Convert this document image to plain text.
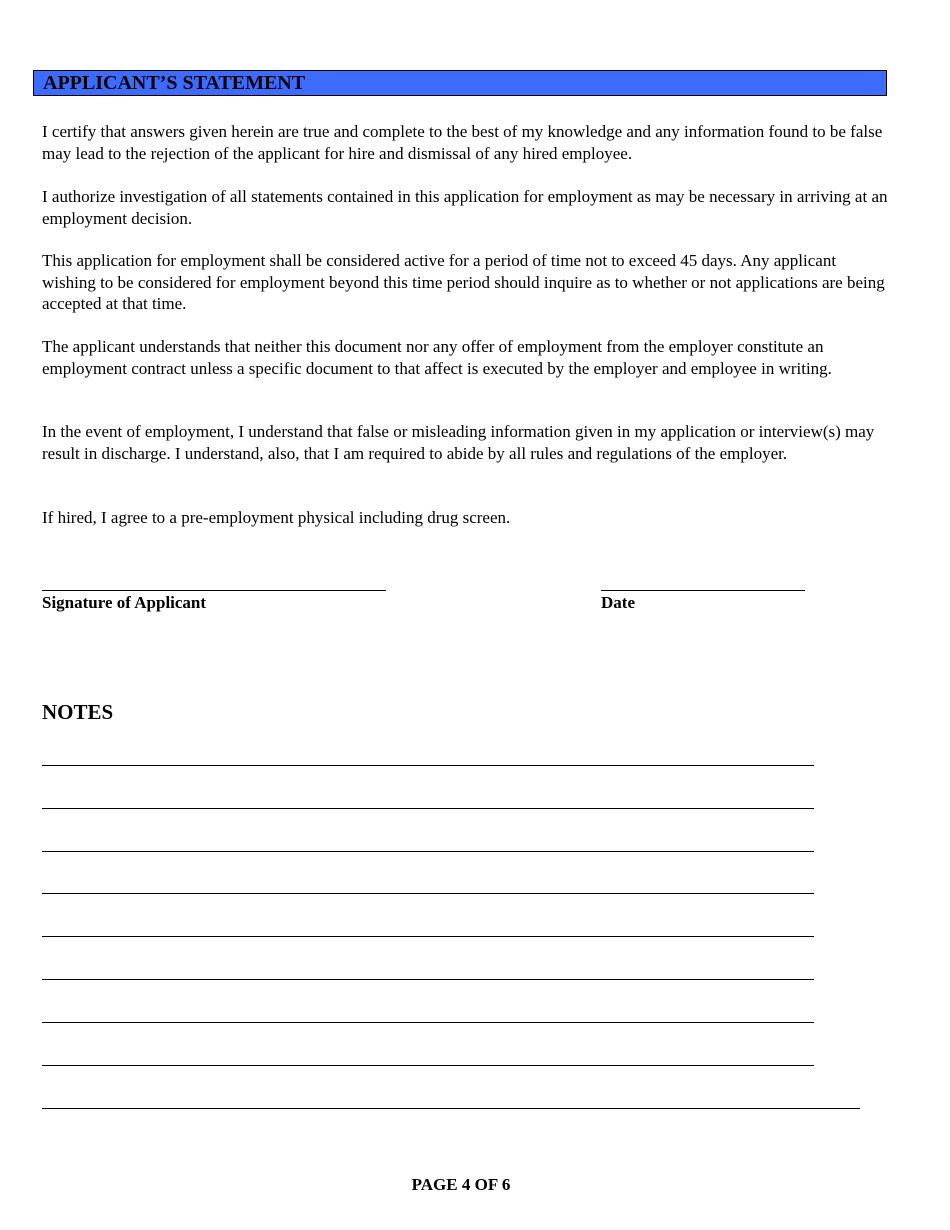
APPLICANT’S STATEMENT

I certify that answers given herein are true and complete to the best of my knowledge and any information found to be false may lead to the rejection of the applicant for hire and dismissal of any hired employee.

I authorize investigation of all statements contained in this application for employment as may be necessary in arriving at an employment decision.

This application for employment shall be considered active for a period of time not to exceed 45 days. Any applicant wishing to be considered for employment beyond this time period should inquire as to whether or not applications are being accepted at that time.

The applicant understands that neither this document nor any offer of employment from the employer constitute an employment contract unless a specific document to that affect is executed by the employer and employee in writing.

In the event of employment, I understand that false or misleading information given in my application or interview(s) may result in discharge. I understand, also, that I am required to abide by all rules and regulations of the employer.

If hired, I agree to a pre-employment physical including drug screen.

Signature of Applicant	Date
NOTES
PAGE 4 OF 6
